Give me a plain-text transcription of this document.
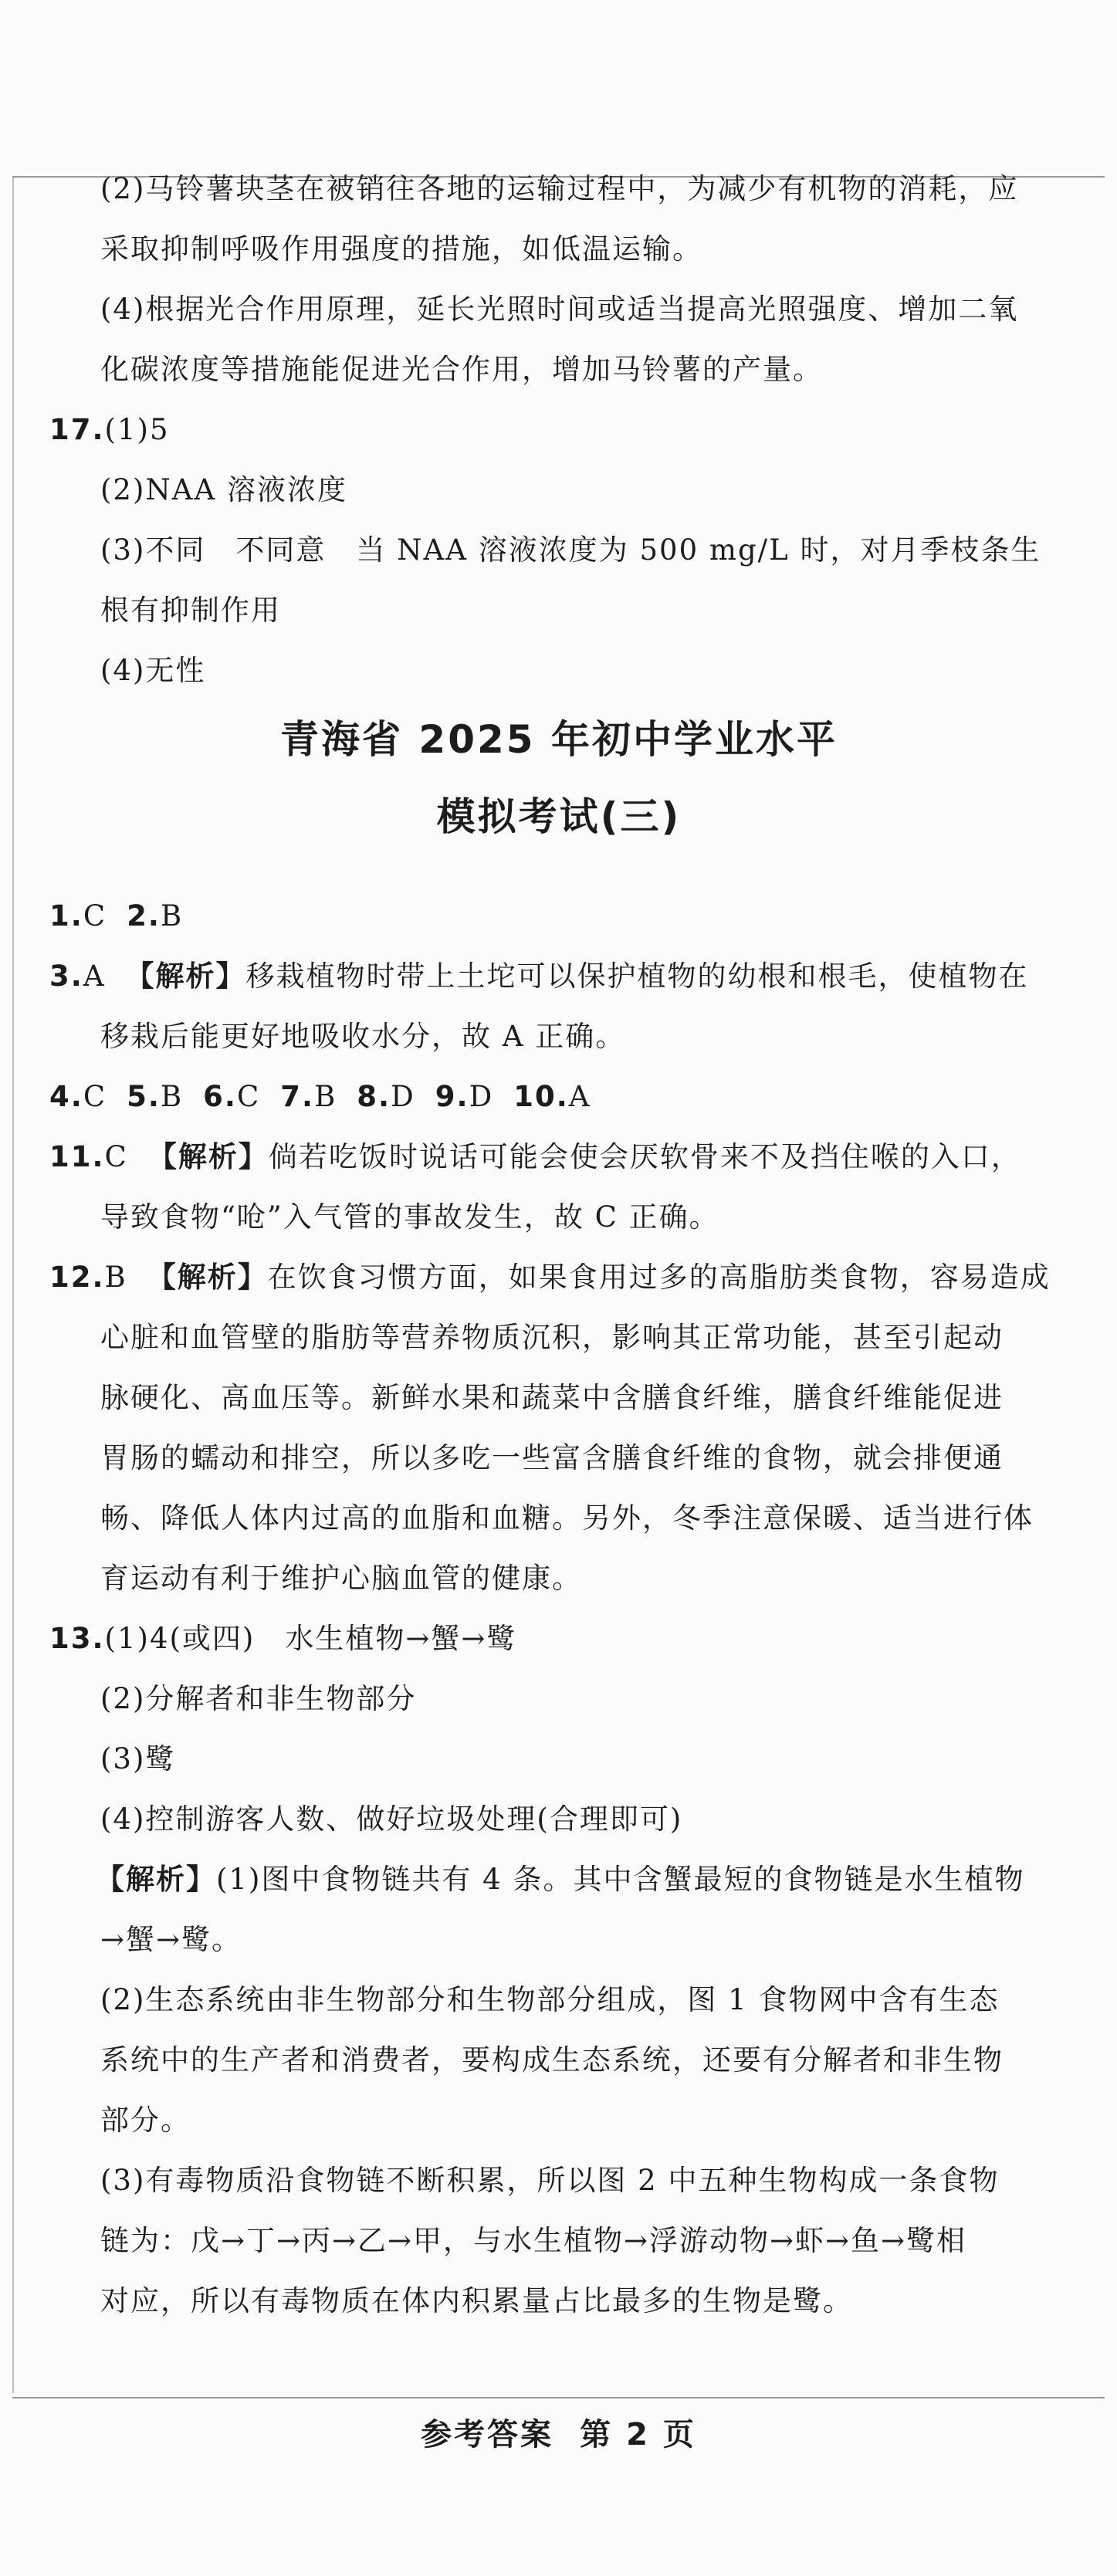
(2)马铃薯块茎在被销往各地的运输过程中，为减少有机物的消耗，应

采取抑制呼吸作用强度的措施，如低温运输。

(4)根据光合作用原理，延长光照时间或适当提高光照强度、增加二氧

化碳浓度等措施能促进光合作用，增加马铃薯的产量。

17.(1)5

(2)NAA 溶液浓度

(3)不同　不同意　当 NAA 溶液浓度为 500 mg/L 时，对月季枝条生

根有抑制作用

(4)无性

青海省 2025 年初中学业水平
模拟考试(三)

1.C 2.B

3.A 【解析】移栽植物时带上土坨可以保护植物的幼根和根毛，使植物在

移栽后能更好地吸收水分，故 A 正确。

4.C 5.B 6.C 7.B 8.D 9.D 10.A

11.C 【解析】倘若吃饭时说话可能会使会厌软骨来不及挡住喉的入口，

导致食物“呛”入气管的事故发生，故 C 正确。

12.B 【解析】在饮食习惯方面，如果食用过多的高脂肪类食物，容易造成

心脏和血管壁的脂肪等营养物质沉积，影响其正常功能，甚至引起动

脉硬化、高血压等。新鲜水果和蔬菜中含膳食纤维，膳食纤维能促进

胃肠的蠕动和排空，所以多吃一些富含膳食纤维的食物，就会排便通

畅、降低人体内过高的血脂和血糖。另外，冬季注意保暖、适当进行体

育运动有利于维护心脑血管的健康。

13.(1)4(或四)　水生植物→蟹→鹭

(2)分解者和非生物部分

(3)鹭

(4)控制游客人数、做好垃圾处理(合理即可)

【解析】(1)图中食物链共有 4 条。其中含蟹最短的食物链是水生植物

→蟹→鹭。

(2)生态系统由非生物部分和生物部分组成，图 1 食物网中含有生态

系统中的生产者和消费者，要构成生态系统，还要有分解者和非生物

部分。

(3)有毒物质沿食物链不断积累，所以图 2 中五种生物构成一条食物

链为：戊→丁→丙→乙→甲，与水生植物→浮游动物→虾→鱼→鹭相

对应，所以有毒物质在体内积累量占比最多的生物是鹭。

参考答案 第 2 页
